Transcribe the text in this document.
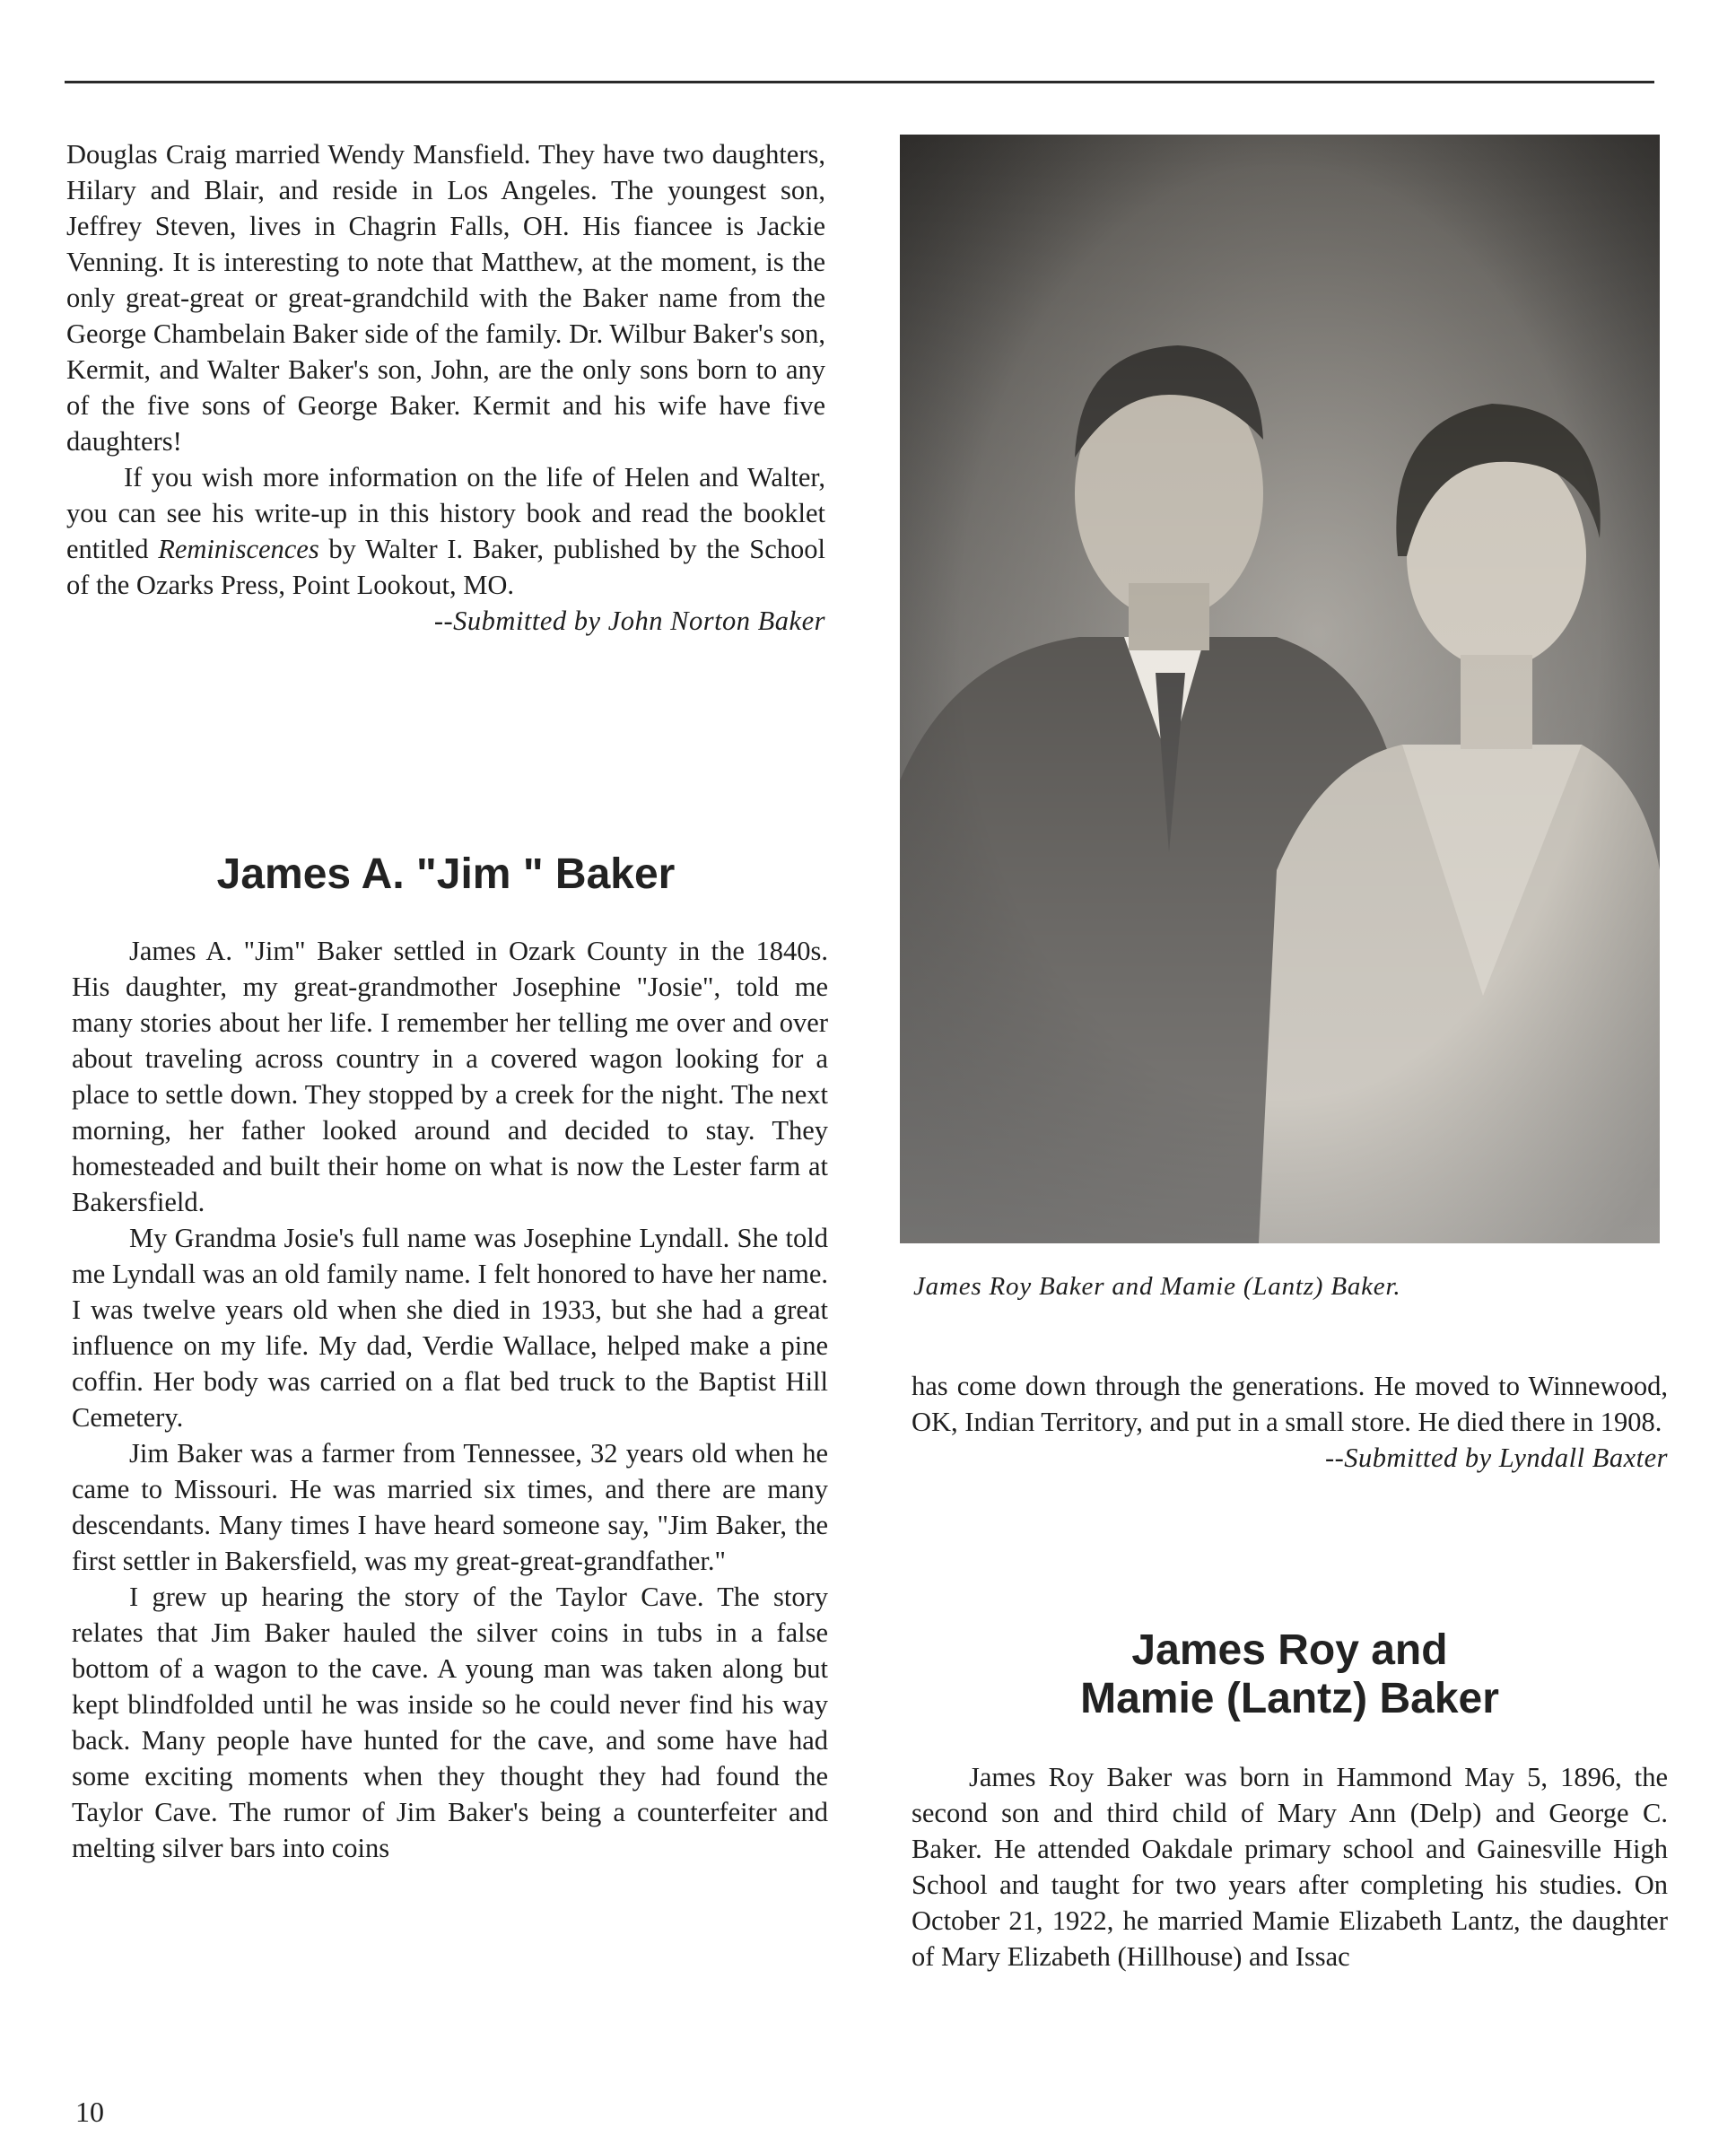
Douglas Craig married Wendy Mansfield. They have two daughters, Hilary and Blair, and reside in Los Angeles. The youngest son, Jeffrey Steven, lives in Chagrin Falls, OH. His fiancee is Jackie Venning. It is interesting to note that Matthew, at the moment, is the only great-great or great-grandchild with the Baker name from the George Chambelain Baker side of the family. Dr. Wilbur Baker's son, Kermit, and Walter Baker's son, John, are the only sons born to any of the five sons of George Baker. Kermit and his wife have five daughters!

If you wish more information on the life of Helen and Walter, you can see his write-up in this history book and read the booklet entitled Reminiscences by Walter I. Baker, published by the School of the Ozarks Press, Point Lookout, MO.

--Submitted by John Norton Baker

James A. "Jim " Baker

James A. "Jim" Baker settled in Ozark County in the 1840s. His daughter, my great-grandmother Josephine "Josie", told me many stories about her life. I remember her telling me over and over about traveling across country in a covered wagon looking for a place to settle down. They stopped by a creek for the night. The next morning, her father looked around and decided to stay. They homesteaded and built their home on what is now the Lester farm at Bakersfield.

My Grandma Josie's full name was Josephine Lyndall. She told me Lyndall was an old family name. I felt honored to have her name. I was twelve years old when she died in 1933, but she had a great influence on my life. My dad, Verdie Wallace, helped make a pine coffin. Her body was carried on a flat bed truck to the Baptist Hill Cemetery.

Jim Baker was a farmer from Tennessee, 32 years old when he came to Missouri. He was married six times, and there are many descendants. Many times I have heard someone say, "Jim Baker, the first settler in Bakersfield, was my great-great-grandfather."

I grew up hearing the story of the Taylor Cave. The story relates that Jim Baker hauled the silver coins in tubs in a false bottom of a wagon to the cave. A young man was taken along but kept blindfolded until he was inside so he could never find his way back. Many people have hunted for the cave, and some have had some exciting moments when they thought they had found the Taylor Cave. The rumor of Jim Baker's being a counterfeiter and melting silver bars into coins

James Roy Baker and Mamie (Lantz) Baker.

has come down through the generations. He moved to Winnewood, OK, Indian Territory, and put in a small store. He died there in 1908.

--Submitted by Lyndall Baxter

James Roy and
Mamie (Lantz) Baker

James Roy Baker was born in Hammond May 5, 1896, the second son and third child of Mary Ann (Delp) and George C. Baker. He attended Oakdale primary school and Gainesville High School and taught for two years after completing his studies. On October 21, 1922, he married Mamie Elizabeth Lantz, the daughter of Mary Elizabeth (Hillhouse) and Issac

10
